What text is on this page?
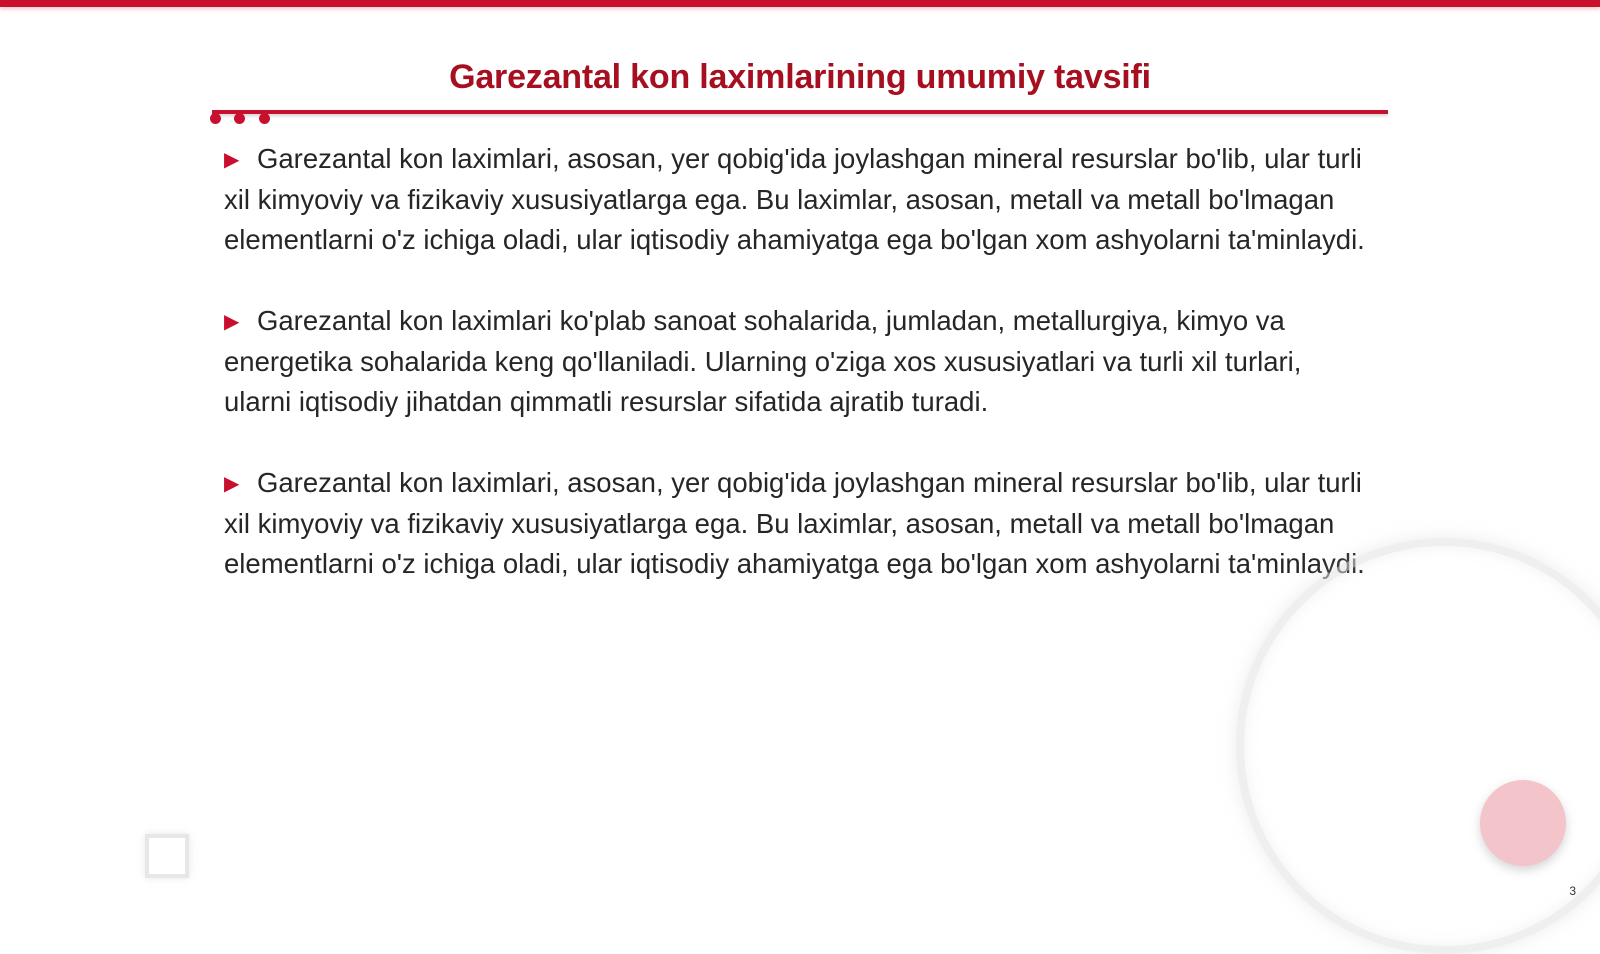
Garezantal kon laximlarining umumiy tavsifi

▶ Garezantal kon laximlari, asosan, yer qobig'ida joylashgan mineral resurslar bo'lib, ular turli xil kimyoviy va fizikaviy xususiyatlarga ega. Bu laximlar, asosan, metall va metall bo'lmagan elementlarni o'z ichiga oladi, ular iqtisodiy ahamiyatga ega bo'lgan xom ashyolarni ta'minlaydi.

▶ Garezantal kon laximlari ko'plab sanoat sohalarida, jumladan, metallurgiya, kimyo va energetika sohalarida keng qo'llaniladi. Ularning o'ziga xos xususiyatlari va turli xil turlari, ularni iqtisodiy jihatdan qimmatli resurslar sifatida ajratib turadi.

▶ Garezantal kon laximlari, asosan, yer qobig'ida joylashgan mineral resurslar bo'lib, ular turli xil kimyoviy va fizikaviy xususiyatlarga ega. Bu laximlar, asosan, metall va metall bo'lmagan elementlarni o'z ichiga oladi, ular iqtisodiy ahamiyatga ega bo'lgan xom ashyolarni ta'minlaydi.

3
